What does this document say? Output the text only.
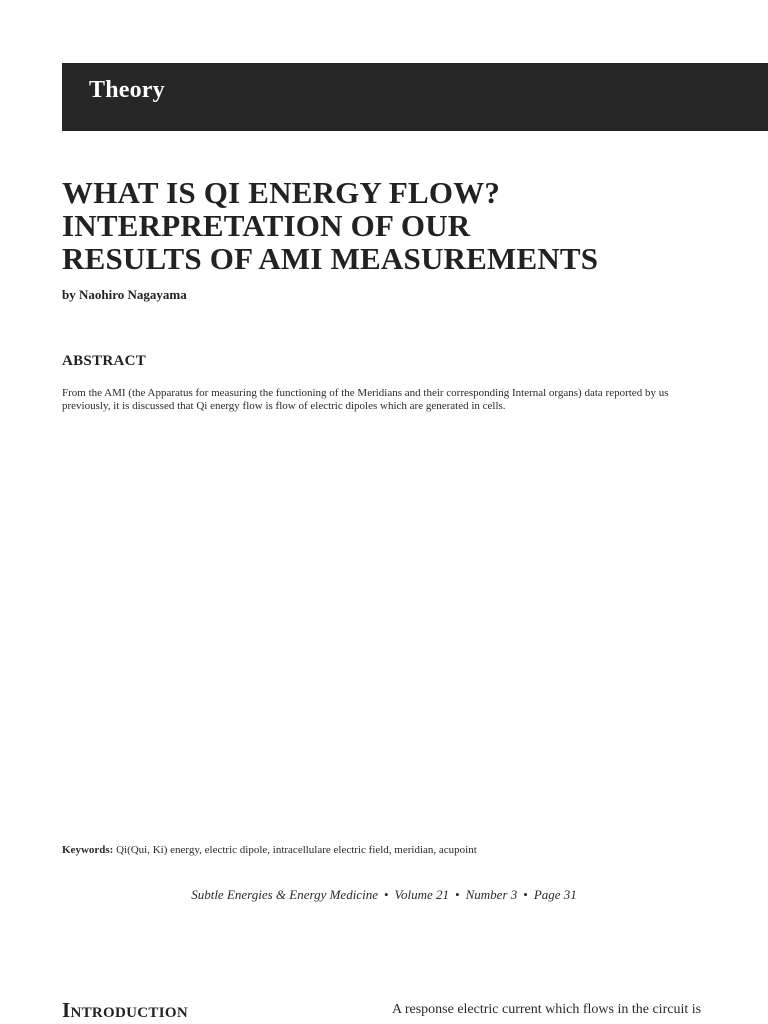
Theory
WHAT IS QI ENERGY FLOW?
INTERPRETATION OF OUR
RESULTS OF AMI MEASUREMENTS
by Naohiro Nagayama
ABSTRACT

From the AMI (the Apparatus for measuring the functioning of the Meridians and their corresponding Internal organs) data reported by us previously, it is discussed that Qi energy flow is flow of electric dipoles which are generated in cells.

Keywords: Qi(Qui, Ki) energy, electric dipole, intracellulare electric field, meridian, acupoint
Subtle Energies & Energy Medicine • Volume 21 • Number 3 • Page 31
Introduction	A response electric current which flows in the circuit is
